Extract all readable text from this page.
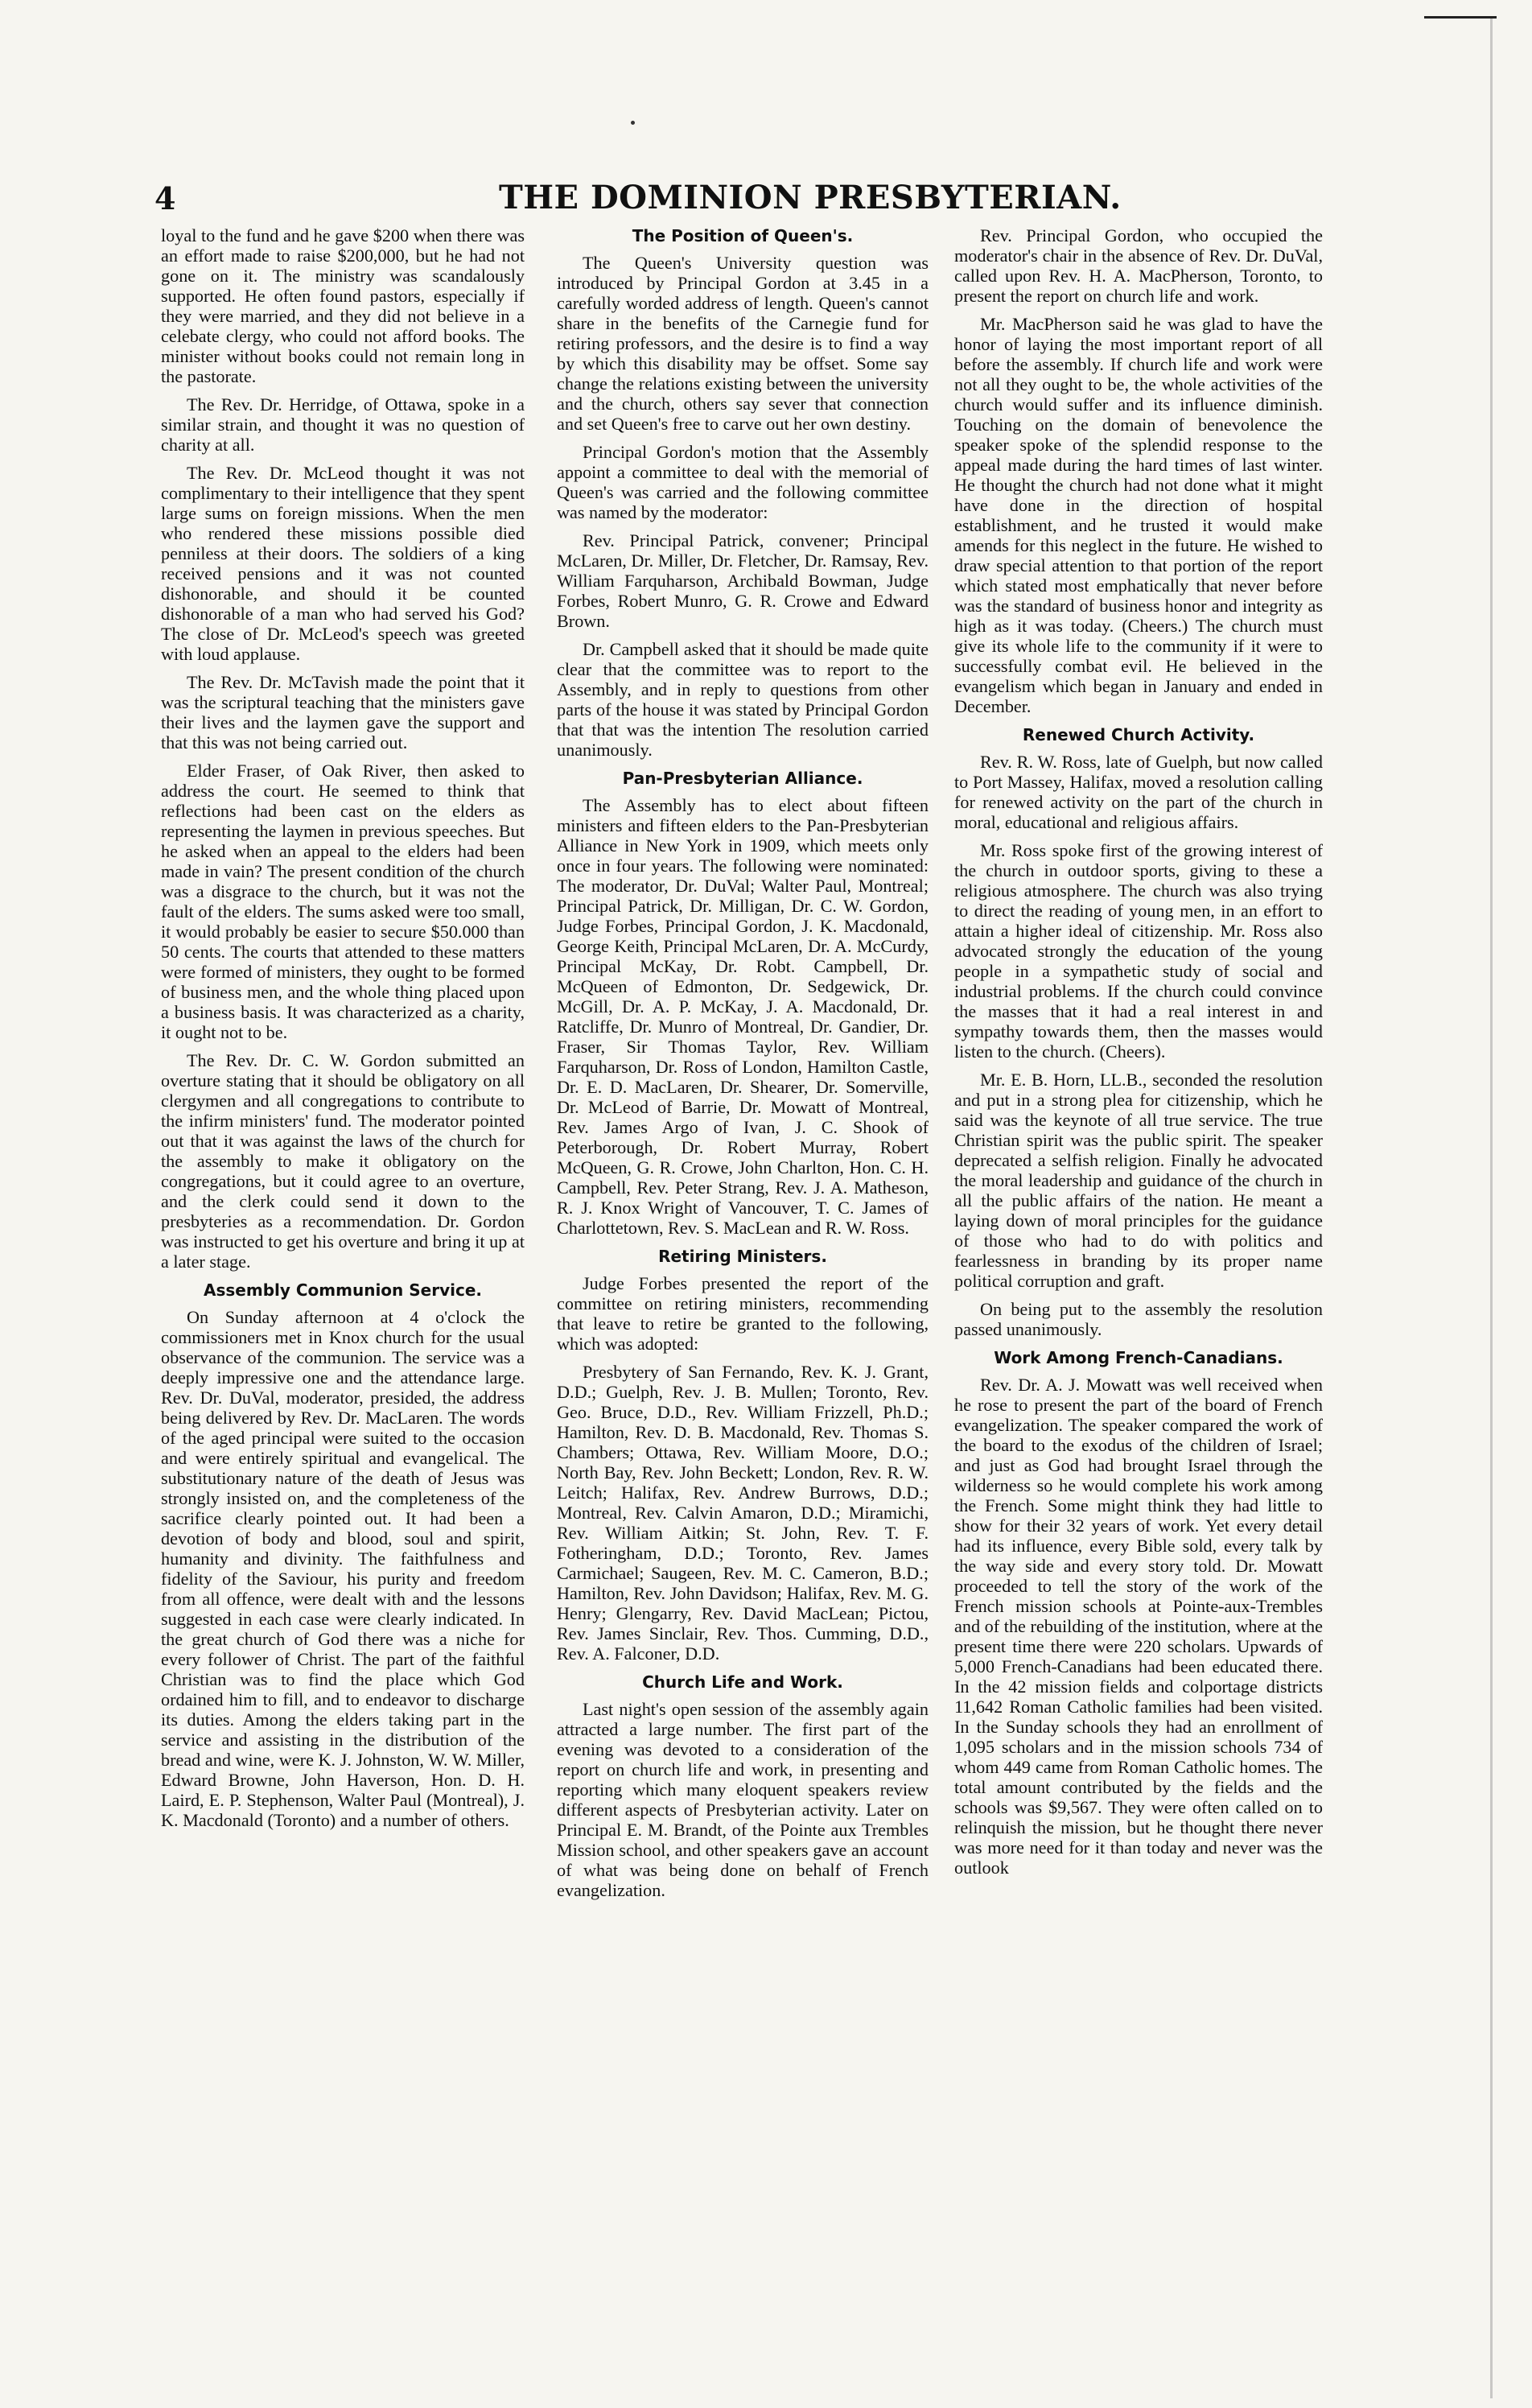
4	THE DOMINION PRESBYTERIAN.

loyal to the fund and he gave $200 when there was an effort made to raise $200,000, but he had not gone on it. The ministry was scandalously supported. He often found pastors, especially if they were married, and they did not believe in a celebate clergy, who could not afford books. The minister without books could not remain long in the pastorate.

The Rev. Dr. Herridge, of Ottawa, spoke in a similar strain, and thought it was no question of charity at all.

The Rev. Dr. McLeod thought it was not complimentary to their intelligence that they spent large sums on foreign missions. When the men who rendered these missions possible died penniless at their doors. The soldiers of a king received pensions and it was not counted dishonorable, and should it be counted dishonorable of a man who had served his God? The close of Dr. McLeod's speech was greeted with loud applause.

The Rev. Dr. McTavish made the point that it was the scriptural teaching that the ministers gave their lives and the laymen gave the support and that this was not being carried out.

Elder Fraser, of Oak River, then asked to address the court. He seemed to think that reflections had been cast on the elders as representing the laymen in previous speeches. But he asked when an appeal to the elders had been made in vain? The present condition of the church was a disgrace to the church, but it was not the fault of the elders. The sums asked were too small, it would probably be easier to secure $50.000 than 50 cents. The courts that attended to these matters were formed of ministers, they ought to be formed of business men, and the whole thing placed upon a business basis. It was characterized as a charity, it ought not to be.

The Rev. Dr. C. W. Gordon submitted an overture stating that it should be obligatory on all clergymen and all congregations to contribute to the infirm ministers' fund. The moderator pointed out that it was against the laws of the church for the assembly to make it obligatory on the congregations, but it could agree to an overture, and the clerk could send it down to the presbyteries as a recommendation. Dr. Gordon was instructed to get his overture and bring it up at a later stage.

Assembly Communion Service.

On Sunday afternoon at 4 o'clock the commissioners met in Knox church for the usual observance of the communion. The service was a deeply impressive one and the attendance large. Rev. Dr. DuVal, moderator, presided, the address being delivered by Rev. Dr. MacLaren. The words of the aged principal were suited to the occasion and were entirely spiritual and evangelical. The substitutionary nature of the death of Jesus was strongly insisted on, and the completeness of the sacrifice clearly pointed out. It had been a devotion of body and blood, soul and spirit, humanity and divinity. The faithfulness and fidelity of the Saviour, his purity and freedom from all offence, were dealt with and the lessons suggested in each case were clearly indicated. In the great church of God there was a niche for every follower of Christ. The part of the faithful Christian was to find the place which God ordained him to fill, and to endeavor to discharge its duties. Among the elders taking part in the service and assisting in the distribution of the bread and wine, were K. J. Johnston, W. W. Miller, Edward Browne, John Haverson, Hon. D. H. Laird, E. P. Stephenson, Walter Paul (Montreal), J. K. Macdonald (Toronto) and a number of others.

The Position of Queen's.

The Queen's University question was introduced by Principal Gordon at 3.45 in a carefully worded address of length. Queen's cannot share in the benefits of the Carnegie fund for retiring professors, and the desire is to find a way by which this disability may be offset. Some say change the relations existing between the university and the church, others say sever that connection and set Queen's free to carve out her own destiny.

Principal Gordon's motion that the Assembly appoint a committee to deal with the memorial of Queen's was carried and the following committee was named by the moderator:

Rev. Principal Patrick, convener; Principal McLaren, Dr. Miller, Dr. Fletcher, Dr. Ramsay, Rev. William Farquharson, Archibald Bowman, Judge Forbes, Robert Munro, G. R. Crowe and Edward Brown.

Dr. Campbell asked that it should be made quite clear that the committee was to report to the Assembly, and in reply to questions from other parts of the house it was stated by Principal Gordon that that was the intention The resolution carried unanimously.

Pan-Presbyterian Alliance.

The Assembly has to elect about fifteen ministers and fifteen elders to the Pan-Presbyterian Alliance in New York in 1909, which meets only once in four years. The following were nominated: The moderator, Dr. DuVal; Walter Paul, Montreal; Principal Patrick, Dr. Milligan, Dr. C. W. Gordon, Judge Forbes, Principal Gordon, J. K. Macdonald, George Keith, Principal McLaren, Dr. A. McCurdy, Principal McKay, Dr. Robt. Campbell, Dr. McQueen of Edmonton, Dr. Sedgewick, Dr. McGill, Dr. A. P. McKay, J. A. Macdonald, Dr. Ratcliffe, Dr. Munro of Montreal, Dr. Gandier, Dr. Fraser, Sir Thomas Taylor, Rev. William Farquharson, Dr. Ross of London, Hamilton Castle, Dr. E. D. MacLaren, Dr. Shearer, Dr. Somerville, Dr. McLeod of Barrie, Dr. Mowatt of Montreal, Rev. James Argo of Ivan, J. C. Shook of Peterborough, Dr. Robert Murray, Robert McQueen, G. R. Crowe, John Charlton, Hon. C. H. Campbell, Rev. Peter Strang, Rev. J. A. Matheson, R. J. Knox Wright of Vancouver, T. C. James of Charlottetown, Rev. S. MacLean and R. W. Ross.

Retiring Ministers.

Judge Forbes presented the report of the committee on retiring ministers, recommending that leave to retire be granted to the following, which was adopted:

Presbytery of San Fernando, Rev. K. J. Grant, D.D.; Guelph, Rev. J. B. Mullen; Toronto, Rev. Geo. Bruce, D.D., Rev. William Frizzell, Ph.D.; Hamilton, Rev. D. B. Macdonald, Rev. Thomas S. Chambers; Ottawa, Rev. William Moore, D.O.; North Bay, Rev. John Beckett; London, Rev. R. W. Leitch; Halifax, Rev. Andrew Burrows, D.D.; Montreal, Rev. Calvin Amaron, D.D.; Miramichi, Rev. William Aitkin; St. John, Rev. T. F. Fotheringham, D.D.; Toronto, Rev. James Carmichael; Saugeen, Rev. M. C. Cameron, B.D.; Hamilton, Rev. John Davidson; Halifax, Rev. M. G. Henry; Glengarry, Rev. David MacLean; Pictou, Rev. James Sinclair, Rev. Thos. Cumming, D.D., Rev. A. Falconer, D.D.

Church Life and Work.

Last night's open session of the assembly again attracted a large number. The first part of the evening was devoted to a consideration of the report on church life and work, in presenting and reporting which many eloquent speakers review different aspects of Presbyterian activity. Later on Principal E. M. Brandt, of the Pointe aux Trembles Mission school, and other speakers gave an account of what was being done on behalf of French evangelization.

Rev. Principal Gordon, who occupied the moderator's chair in the absence of Rev. Dr. DuVal, called upon Rev. H. A. MacPherson, Toronto, to present the report on church life and work.

Mr. MacPherson said he was glad to have the honor of laying the most important report of all before the assembly. If church life and work were not all they ought to be, the whole activities of the church would suffer and its influence diminish. Touching on the domain of benevolence the speaker spoke of the splendid response to the appeal made during the hard times of last winter. He thought the church had not done what it might have done in the direction of hospital establishment, and he trusted it would make amends for this neglect in the future. He wished to draw special attention to that portion of the report which stated most emphatically that never before was the standard of business honor and integrity as high as it was today. (Cheers.) The church must give its whole life to the community if it were to successfully combat evil. He believed in the evangelism which began in January and ended in December.

Renewed Church Activity.

Rev. R. W. Ross, late of Guelph, but now called to Port Massey, Halifax, moved a resolution calling for renewed activity on the part of the church in moral, educational and religious affairs.

Mr. Ross spoke first of the growing interest of the church in outdoor sports, giving to these a religious atmosphere. The church was also trying to direct the reading of young men, in an effort to attain a higher ideal of citizenship. Mr. Ross also advocated strongly the education of the young people in a sympathetic study of social and industrial problems. If the church could convince the masses that it had a real interest in and sympathy towards them, then the masses would listen to the church. (Cheers).

Mr. E. B. Horn, LL.B., seconded the resolution and put in a strong plea for citizenship, which he said was the keynote of all true service. The true Christian spirit was the public spirit. The speaker deprecated a selfish religion. Finally he advocated the moral leadership and guidance of the church in all the public affairs of the nation. He meant a laying down of moral principles for the guidance of those who had to do with politics and fearlessness in branding by its proper name political corruption and graft.

On being put to the assembly the resolution passed unanimously.

Work Among French-Canadians.

Rev. Dr. A. J. Mowatt was well received when he rose to present the part of the board of French evangelization. The speaker compared the work of the board to the exodus of the children of Israel; and just as God had brought Israel through the wilderness so he would complete his work among the French. Some might think they had little to show for their 32 years of work. Yet every detail had its influence, every Bible sold, every talk by the way side and every story told. Dr. Mowatt proceeded to tell the story of the work of the French mission schools at Pointe-aux-Trembles and of the rebuilding of the institution, where at the present time there were 220 scholars. Upwards of 5,000 French-Canadians had been educated there. In the 42 mission fields and colportage districts 11,642 Roman Catholic families had been visited. In the Sunday schools they had an enrollment of 1,095 scholars and in the mission schools 734 of whom 449 came from Roman Catholic homes. The total amount contributed by the fields and the schools was $9,567. They were often called on to relinquish the mission, but he thought there never was more need for it than today and never was the outlook
